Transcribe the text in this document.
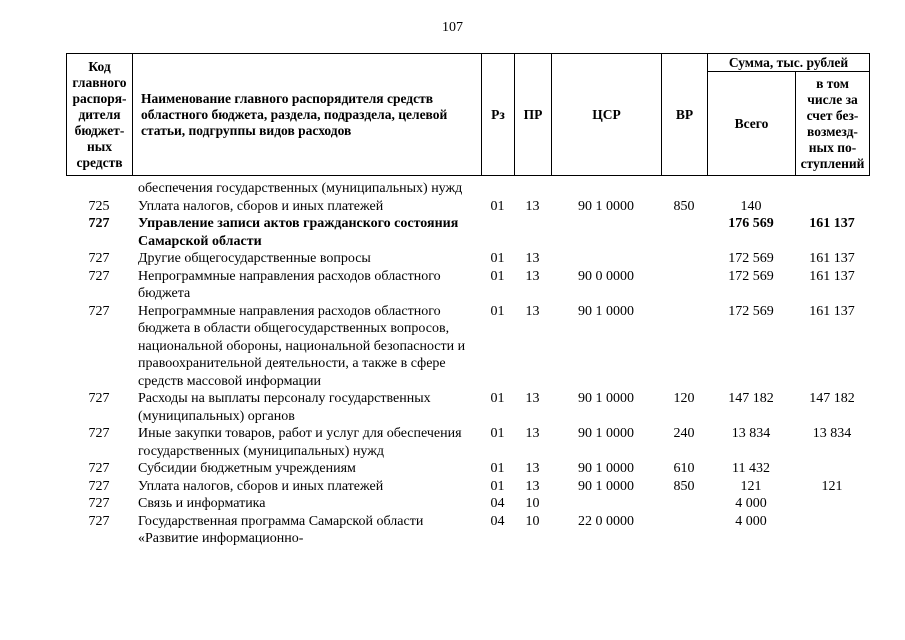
107
Код главного распоря- дителя бюджет- ных средств	Наименование главного распорядителя средств областного бюджета, раздела, подраздела, целевой статьи, подгруппы видов расходов	Рз	ПР	ЦСР	ВР	Сумма, тыс. рублей	
						Всего	в том числе за счет без- возмезд- ных по- ступлений
	обеспечения государственных (муниципальных) нужд						
725	Уплата налогов, сборов и иных платежей	01	13	90 1 0000	850	140	
727	Управление записи актов гражданского состояния Самарской области					176 569	161 137
727	Другие общегосударственные вопросы	01	13			172 569	161 137
727	Непрограммные направления расходов областного бюджета	01	13	90 0 0000		172 569	161 137
727	Непрограммные направления расходов областного бюджета в области общегосударственных вопросов, национальной обороны, национальной безопасности и правоохранительной деятельности, а также в сфере средств массовой информации	01	13	90 1 0000		172 569	161 137
727	Расходы на выплаты персоналу государственных (муниципальных) органов	01	13	90 1 0000	120	147 182	147 182
727	Иные закупки товаров, работ и услуг для обеспечения государственных (муниципальных) нужд	01	13	90 1 0000	240	13 834	13 834
727	Субсидии бюджетным учреждениям	01	13	90 1 0000	610	11 432	
727	Уплата налогов, сборов и иных платежей	01	13	90 1 0000	850	121	121
727	Связь и информатика	04	10			4 000	
727	Государственная программа Самарской области «Развитие информационно-	04	10	22 0 0000		4 000	
